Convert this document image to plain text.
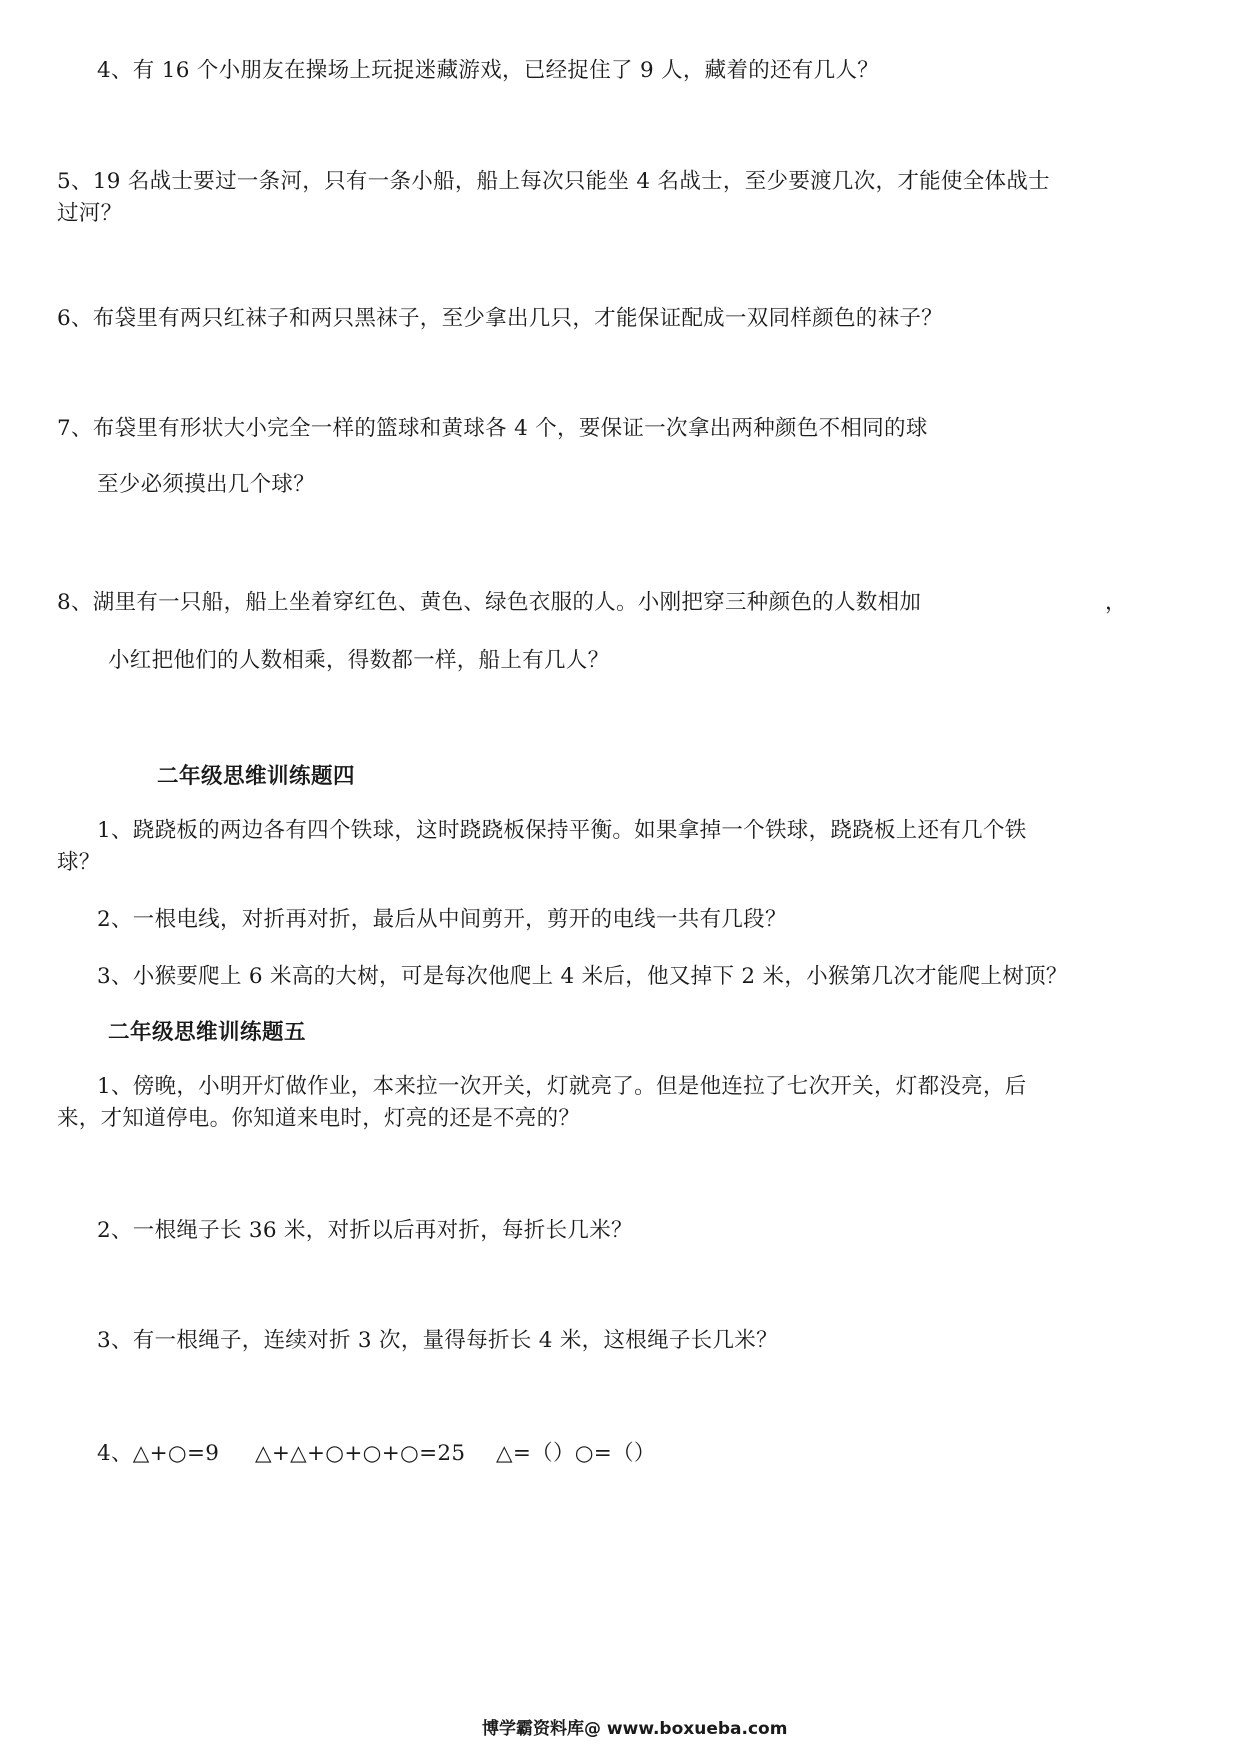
4、有 16 个小朋友在操场上玩捉迷藏游戏，已经捉住了 9 人，藏着的还有几人？
5、19 名战士要过一条河，只有一条小船，船上每次只能坐 4 名战士，至少要渡几次，才能使全体战士
过河？
6、布袋里有两只红袜子和两只黑袜子，至少拿出几只，才能保证配成一双同样颜色的袜子？
7、布袋里有形状大小完全一样的篮球和黄球各 4 个，要保证一次拿出两种颜色不相同的球
至少必须摸出几个球？
8、湖里有一只船，船上坐着穿红色、黄色、绿色衣服的人。小刚把穿三种颜色的人数相加	，
小红把他们的人数相乘，得数都一样，船上有几人？
二年级思维训练题四
1、跷跷板的两边各有四个铁球，这时跷跷板保持平衡。如果拿掉一个铁球，跷跷板上还有几个铁
球？
2、一根电线，对折再对折，最后从中间剪开，剪开的电线一共有几段？
3、小猴要爬上 6 米高的大树，可是每次他爬上 4 米后，他又掉下 2 米，小猴第几次才能爬上树顶？
二年级思维训练题五
1、傍晚，小明开灯做作业，本来拉一次开关，灯就亮了。但是他连拉了七次开关，灯都没亮，后
来，才知道停电。你知道来电时，灯亮的还是不亮的？
2、一根绳子长 36 米，对折以后再对折，每折长几米？
3、有一根绳子，连续对折 3 次，量得每折长 4 米，这根绳子长几米？
4、△+○=9 △+△+○+○+○=25 △=（）○=（）
博学霸资料库@ www.boxueba.com
